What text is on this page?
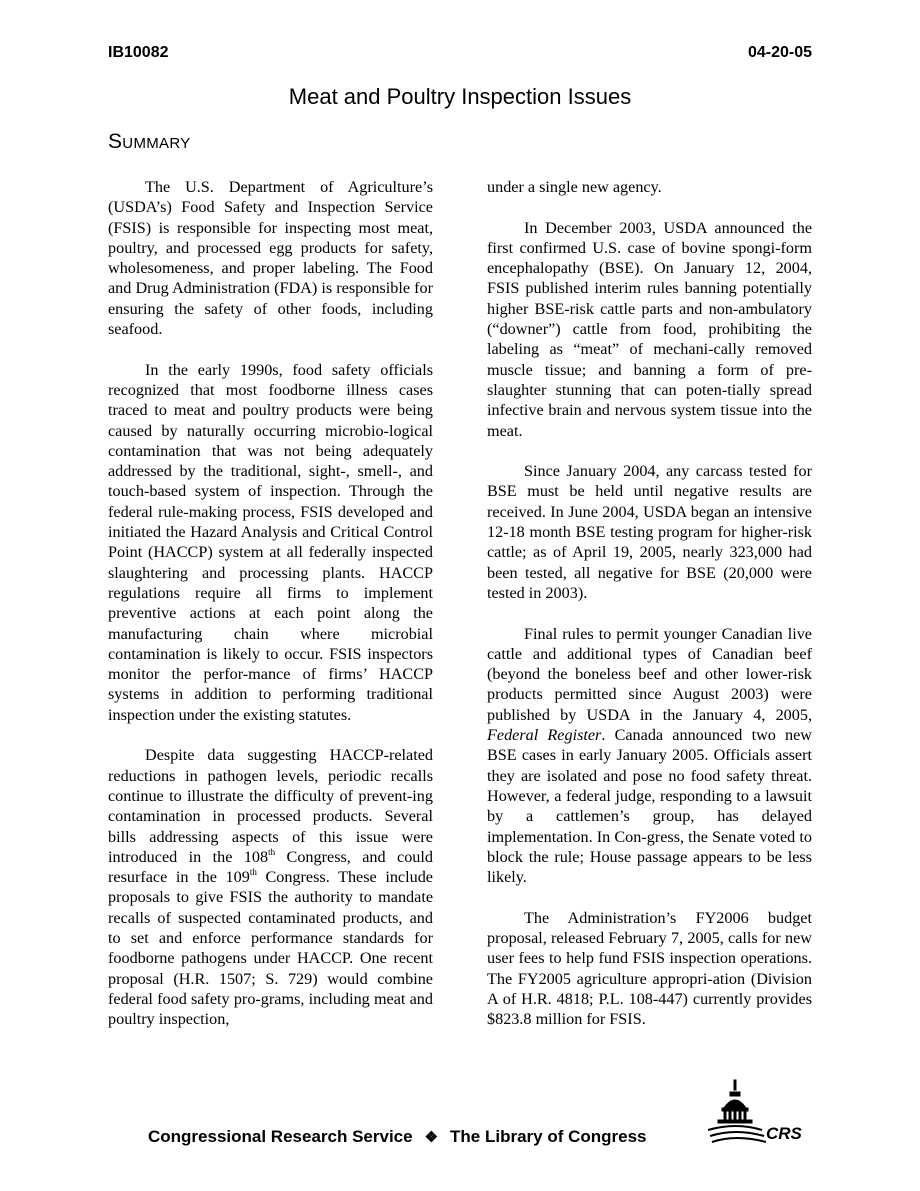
IB10082	04-20-05
Meat and Poultry Inspection Issues
Summary

The U.S. Department of Agriculture’s (USDA’s) Food Safety and Inspection Service (FSIS) is responsible for inspecting most meat, poultry, and processed egg products for safety, wholesomeness, and proper labeling. The Food and Drug Administration (FDA) is responsible for ensuring the safety of other foods, including seafood.

In the early 1990s, food safety officials recognized that most foodborne illness cases traced to meat and poultry products were being caused by naturally occurring microbio-logical contamination that was not being adequately addressed by the traditional, sight-, smell-, and touch-based system of inspection. Through the federal rule-making process, FSIS developed and initiated the Hazard Analysis and Critical Control Point (HACCP) system at all federally inspected slaughtering and processing plants. HACCP regulations require all firms to implement preventive actions at each point along the manufacturing chain where microbial contamination is likely to occur. FSIS inspectors monitor the perfor-mance of firms’ HACCP systems in addition to performing traditional inspection under the existing statutes.

Despite data suggesting HACCP-related reductions in pathogen levels, periodic recalls continue to illustrate the difficulty of prevent-ing contamination in processed products. Several bills addressing aspects of this issue were introduced in the 108th Congress, and could resurface in the 109th Congress. These include proposals to give FSIS the authority to mandate recalls of suspected contaminated products, and to set and enforce performance standards for foodborne pathogens under HACCP. One recent proposal (H.R. 1507; S. 729) would combine federal food safety pro-grams, including meat and poultry inspection,

under a single new agency.

In December 2003, USDA announced the first confirmed U.S. case of bovine spongi-form encephalopathy (BSE). On January 12, 2004, FSIS published interim rules banning potentially higher BSE-risk cattle parts and non-ambulatory (“downer”) cattle from food, prohibiting the labeling as “meat” of mechani-cally removed muscle tissue; and banning a form of pre-slaughter stunning that can poten-tially spread infective brain and nervous system tissue into the meat.

Since January 2004, any carcass tested for BSE must be held until negative results are received. In June 2004, USDA began an intensive 12-18 month BSE testing program for higher-risk cattle; as of April 19, 2005, nearly 323,000 had been tested, all negative for BSE (20,000 were tested in 2003).

Final rules to permit younger Canadian live cattle and additional types of Canadian beef (beyond the boneless beef and other lower-risk products permitted since August 2003) were published by USDA in the January 4, 2005, Federal Register. Canada announced two new BSE cases in early January 2005. Officials assert they are isolated and pose no food safety threat. However, a federal judge, responding to a lawsuit by a cattlemen’s group, has delayed implementation. In Con-gress, the Senate voted to block the rule; House passage appears to be less likely.

The Administration’s FY2006 budget proposal, released February 7, 2005, calls for new user fees to help fund FSIS inspection operations. The FY2005 agriculture appropri-ation (Division A of H.R. 4818; P.L. 108-447) currently provides $823.8 million for FSIS.

Congressional Research Service ❖ The Library of Congress	CRS
